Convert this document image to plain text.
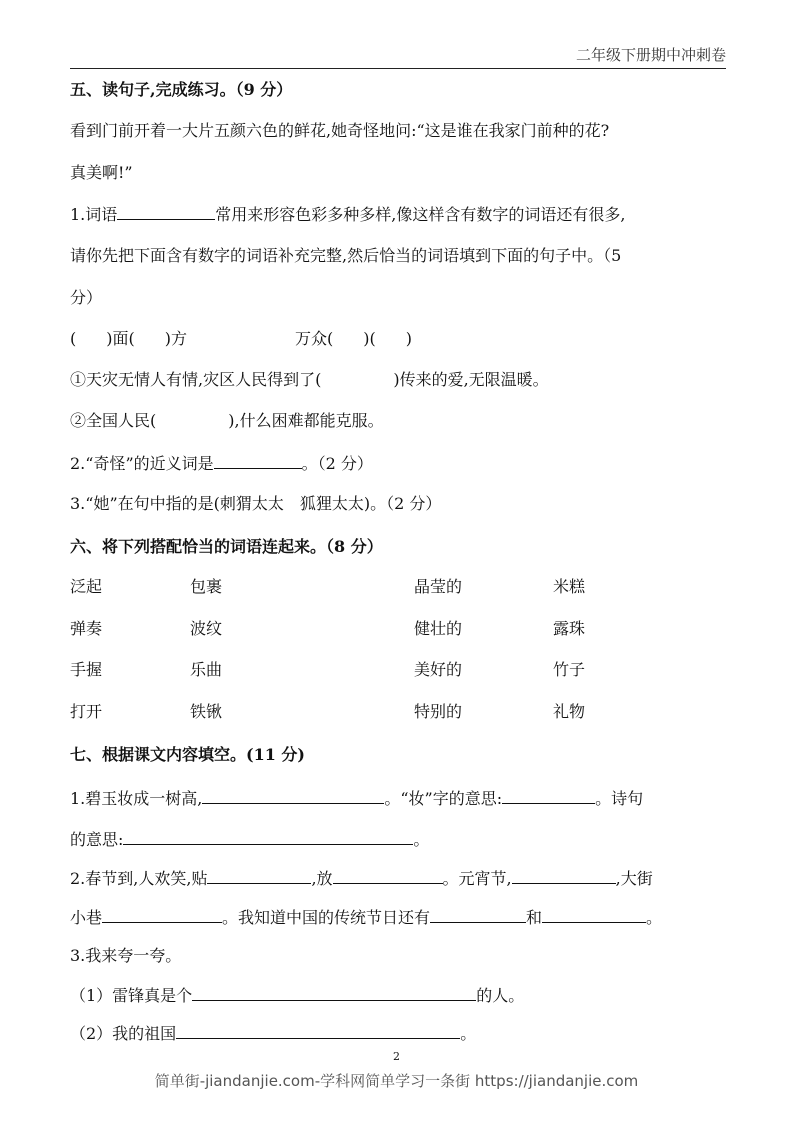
二年级下册期中冲刺卷
五、读句子,完成练习。（9 分）
看到门前开着一大片五颜六色的鲜花,她奇怪地问:“这是谁在我家门前种的花?
真美啊!”
1.词语	常用来形容色彩多种多样,像这样含有数字的词语还有很多,
请你先把下面含有数字的词语补充完整,然后恰当的词语填到下面的句子中。（5
分）
( )面( )方	万众( )( )
①天灾无情人有情,灾区人民得到了(	)传来的爱,无限温暖。
②全国人民(	),什么困难都能克服。
2.“奇怪”的近义词是	。（2 分）
3.“她”在句中指的是(刺猬太太　狐狸太太)。（2 分）
六、将下列搭配恰当的词语连起来。（8 分）
泛起	包裹	晶莹的	米糕
弹奏	波纹	健壮的	露珠
手握	乐曲	美好的	竹子
打开	铁锹	特别的	礼物
七、根据课文内容填空。(11 分)
1.碧玉妆成一树高,	。“妆”字的意思:	。诗句
的意思:	。
2.春节到,人欢笑,贴	,放	。元宵节,	,大街
小巷	。我知道中国的传统节日还有	和	。
3.我来夸一夸。
（1）雷锋真是个	的人。
（2）我的祖国	。
2
简单街-jiandanjie.com-学科网简单学习一条街 https://jiandanjie.com
